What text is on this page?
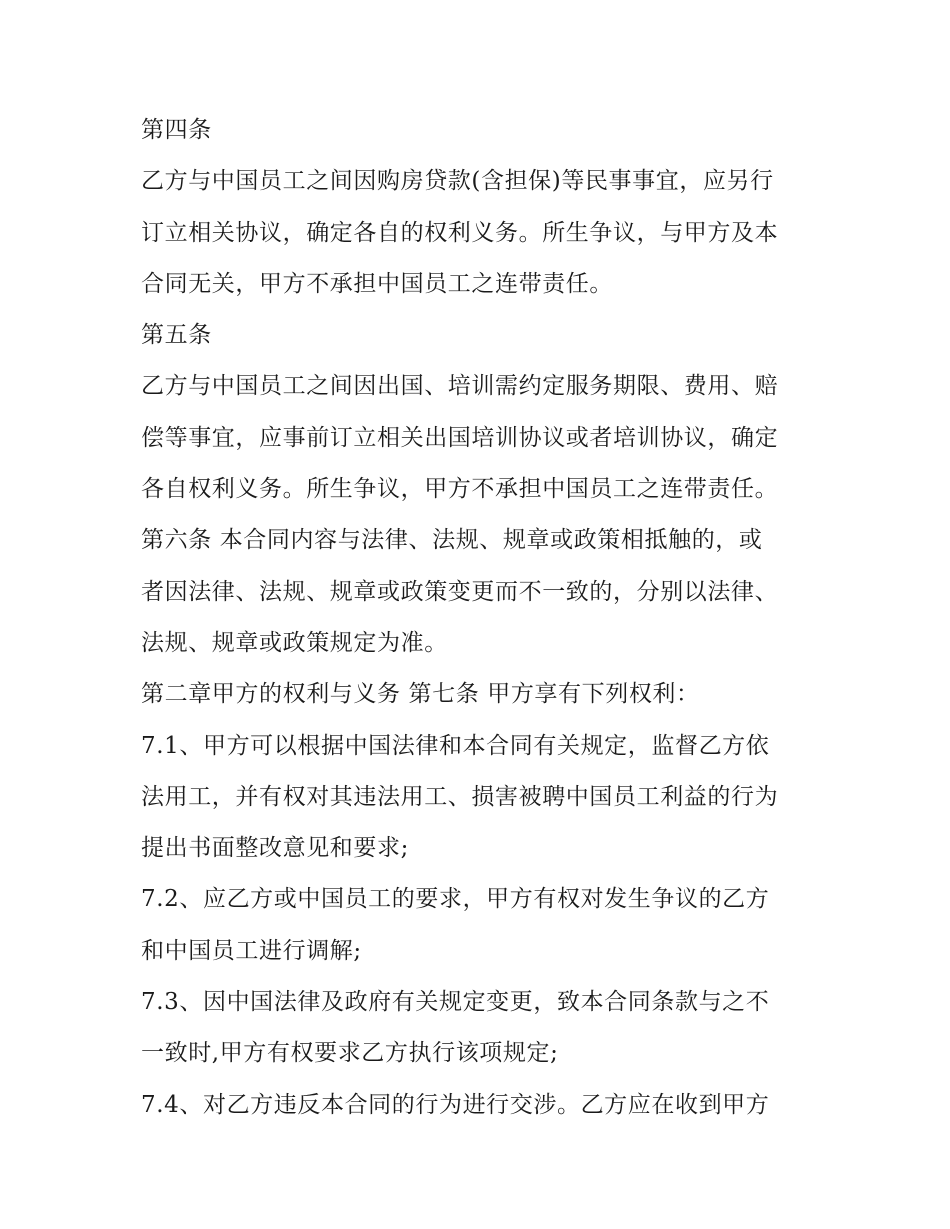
第四条
乙方与中国员工之间因购房贷款(含担保)等民事事宜，应另行
订立相关协议，确定各自的权利义务。所生争议，与甲方及本
合同无关，甲方不承担中国员工之连带责任。
第五条
乙方与中国员工之间因出国、培训需约定服务期限、费用、赔
偿等事宜，应事前订立相关出国培训协议或者培训协议，确定
各自权利义务。所生争议，甲方不承担中国员工之连带责任。
第六条 本合同内容与法律、法规、规章或政策相抵触的，或
者因法律、法规、规章或政策变更而不一致的，分别以法律、
法规、规章或政策规定为准。
第二章甲方的权利与义务 第七条 甲方享有下列权利：
7.1、甲方可以根据中国法律和本合同有关规定，监督乙方依
法用工，并有权对其违法用工、损害被聘中国员工利益的行为
提出书面整改意见和要求;
7.2、应乙方或中国员工的要求，甲方有权对发生争议的乙方
和中国员工进行调解;
7.3、因中国法律及政府有关规定变更，致本合同条款与之不
一致时,甲方有权要求乙方执行该项规定;
7.4、对乙方违反本合同的行为进行交涉。乙方应在收到甲方
